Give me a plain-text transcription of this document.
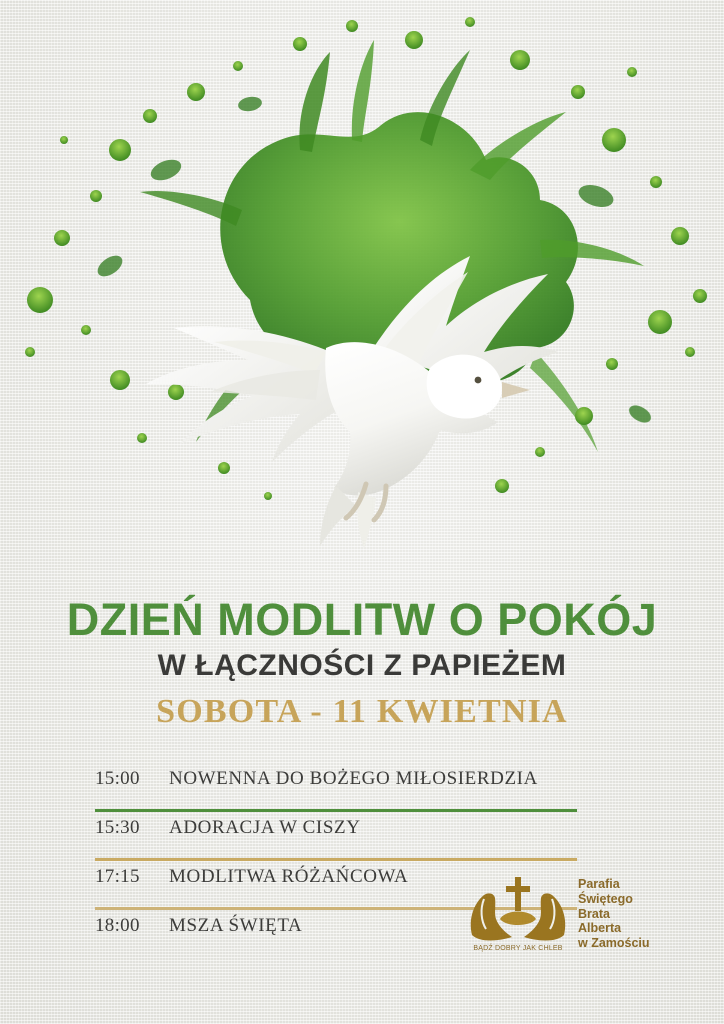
DZIEŃ MODLITW O POKÓJ
W ŁĄCZNOŚCI Z PAPIEŻEM
SOBOTA - 11 KWIETNIA
15:00	NOWENNA DO BOŻEGO MIŁOSIERDZIA
15:30	ADORACJA W CISZY
17:15	MODLITWA RÓŻAŃCOWA
18:00	MSZA ŚWIĘTA
BĄDŹ DOBRY JAK CHLEB
Parafia
Świętego
Brata
Alberta
w Zamościu
